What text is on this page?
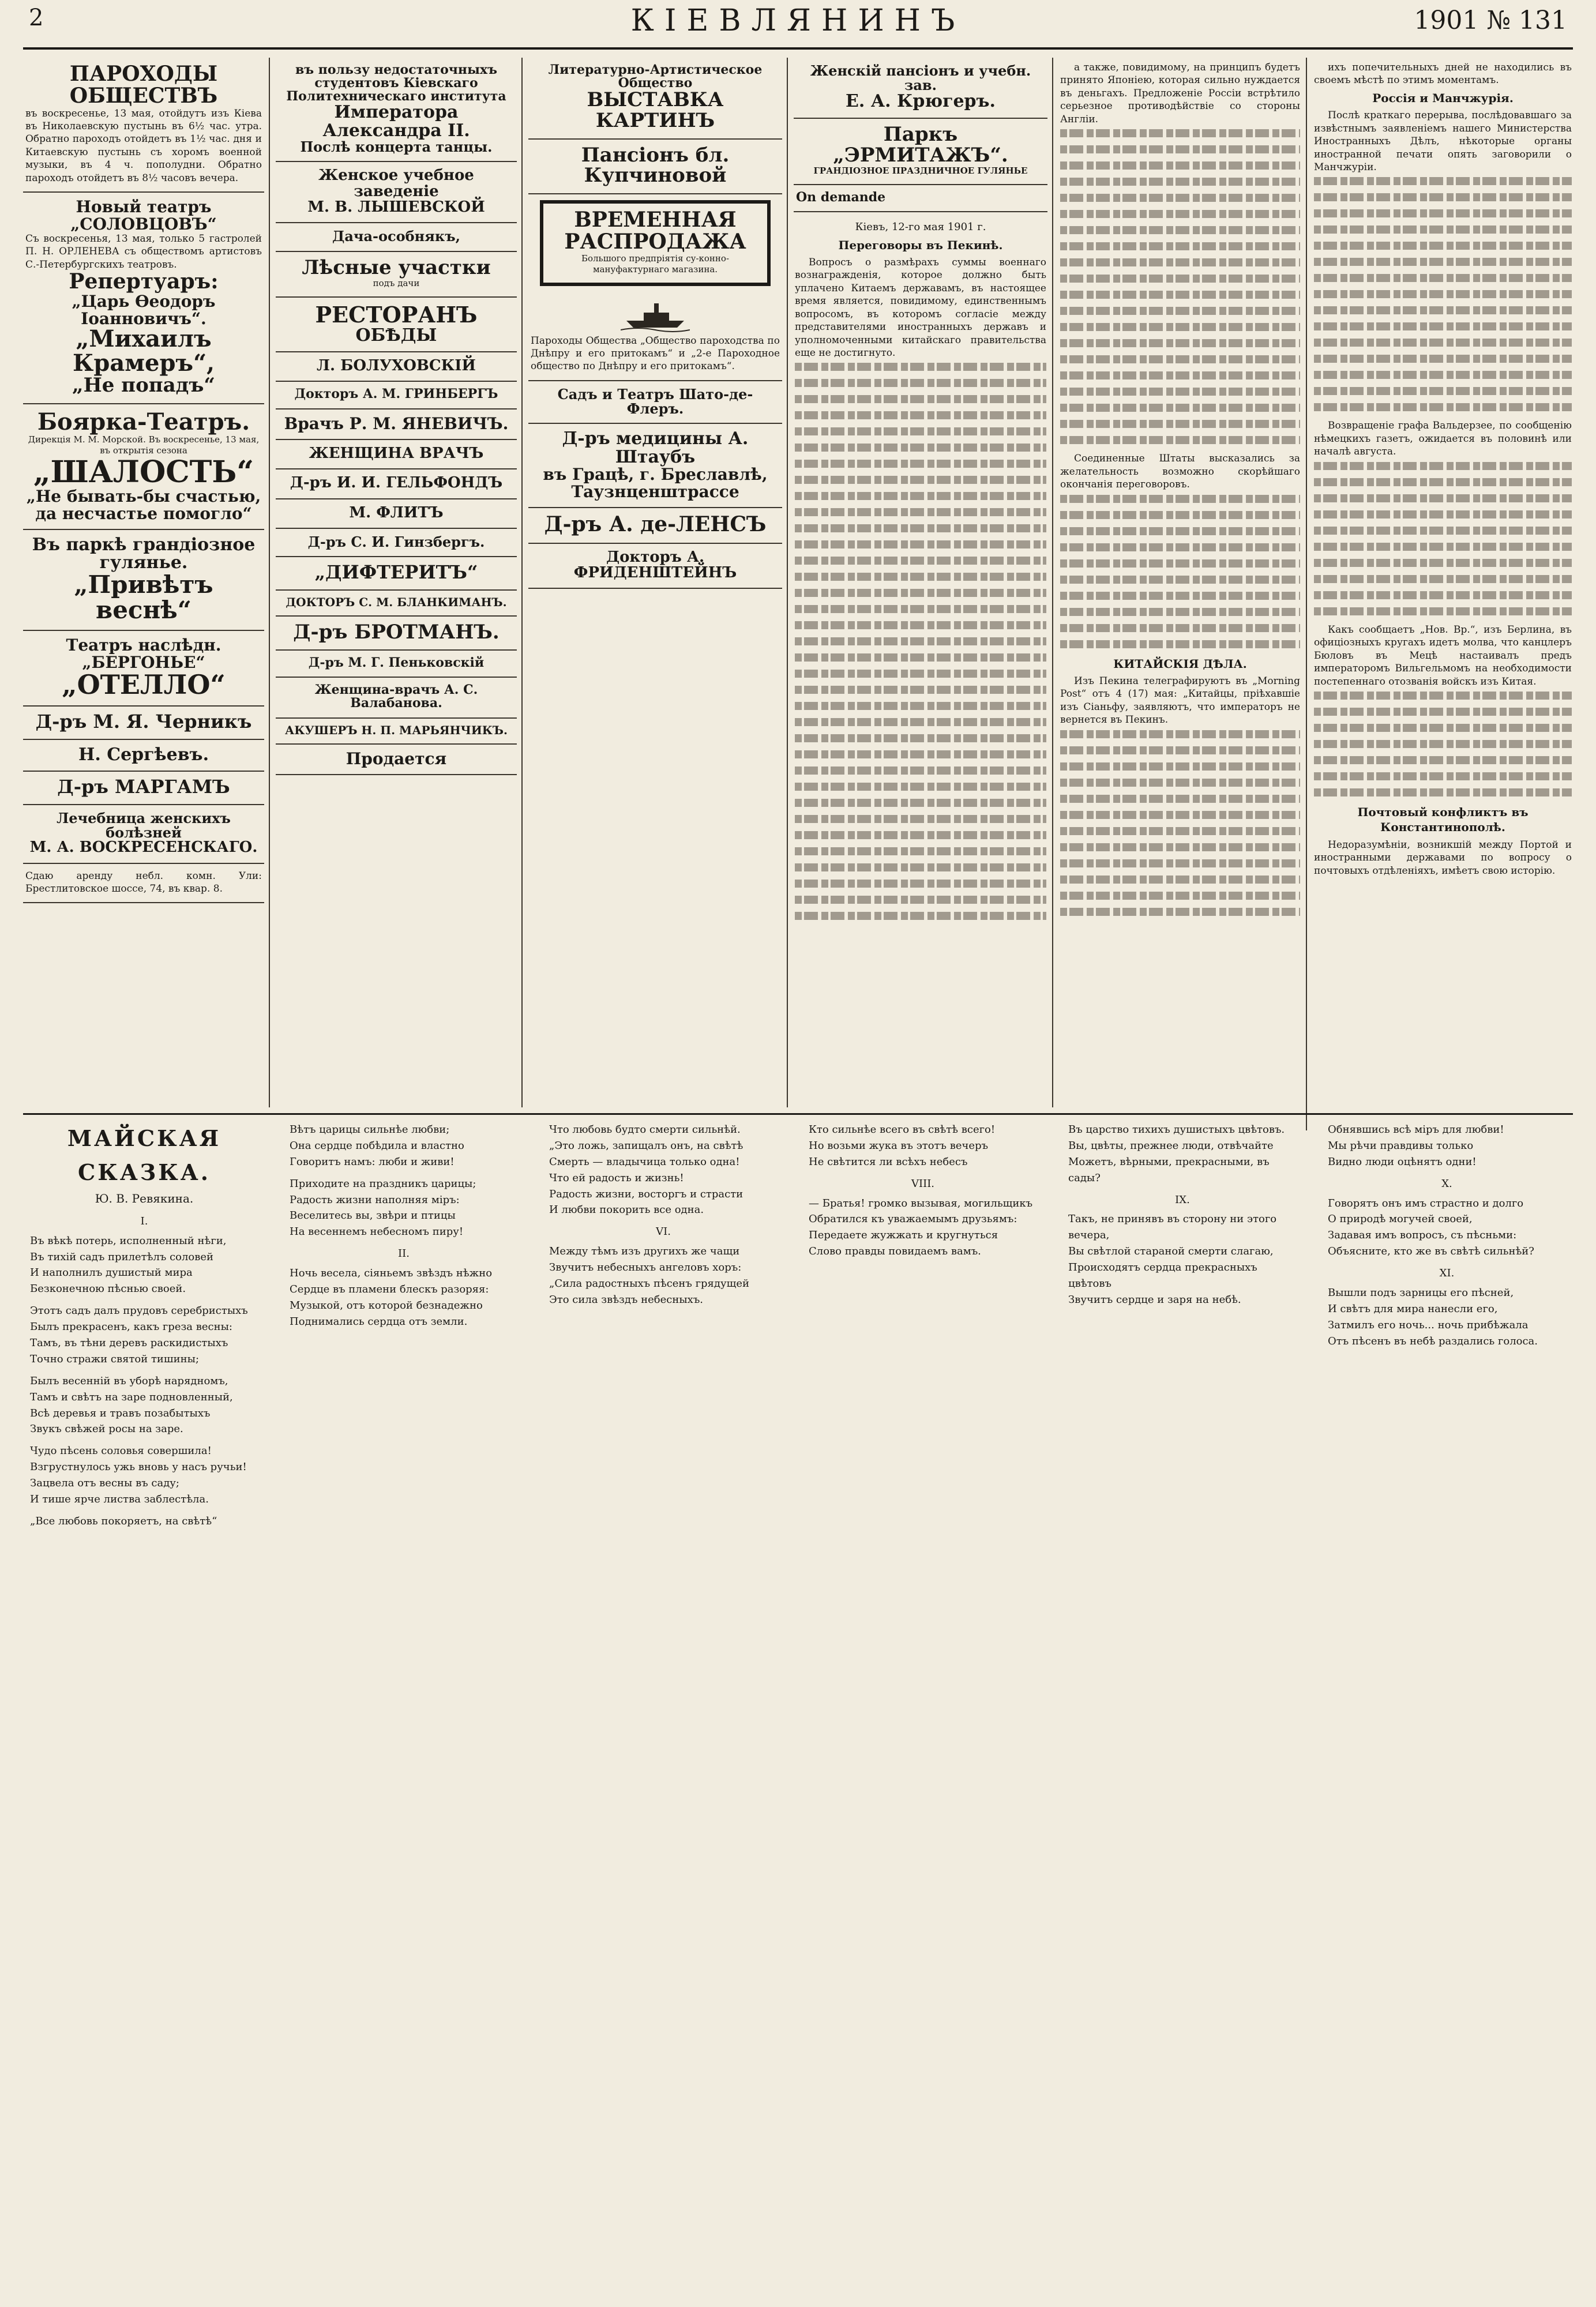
2	КІЕВЛЯНИНЪ	1901 № 131
ПАРОХОДЫ ОБЩЕСТВЪ
въ воскресенье, 13 мая, отойдутъ изъ Кіева въ Николаевскую пустынь въ 6½ час. утра. Обратно пароходъ отойдетъ въ 1½ час. дня и Китаевскую пустынь съ хоромъ военной музыки, въ 4 ч. пополудни. Обратно пароходъ отойдетъ въ 8½ часовъ вечера.
Новый театръ „СОЛОВЦОВЪ“
Съ воскресенья, 13 мая, только 5 гастролей П. Н. ОРЛЕНЕВА съ обществомъ артистовъ С.-Петербургскихъ театровъ.
Репертуаръ:
„Царь Өеодоръ Іоанновичъ“.
„Михаилъ Крамеръ“,
„Не попадъ“
Боярка-Театръ.
Дирекція М. М. Морской. Въ воскресенье, 13 мая, въ открытія сезона
„ШАЛОСТЬ“
„Не бывать-бы счастью, да несчастье помогло“
Въ паркѣ грандіозное гулянье.
„Привѣтъ веснѣ“
Театръ наслѣдн. „БЕРГОНЬЕ“
„ОТЕЛЛО“
Д-ръ М. Я. Черникъ
Н. Сергѣевъ.
Д-ръ МАРГАМЪ
Лечебница женскихъ болѣзней
М. А. ВОСКРЕСЕНСКАГО.
Сдаю аренду небл. комн. Ули: Брестлитовское шоссе, 74, въ квар. 8.
въ пользу недостаточныхъ студентовъ Кіевскаго Политехническаго института
Императора Александра II.
Послѣ концерта танцы.
Женское учебное заведеніе
М. В. ЛЫШЕВСКОЙ
Дача-особнякъ,
Лѣсные участки
подъ дачи
РЕСТОРАНЪ
ОБѢДЫ
Л. БОЛУХОВСКІЙ
Докторъ А. М. ГРИНБЕРГЪ
Врачъ Р. М. ЯНЕВИЧЪ.
ЖЕНЩИНА ВРАЧЪ
Д-ръ И. И. ГЕЛЬФОНДЪ
М. ФЛИТЪ
Д-ръ С. И. Гинзбергъ.
„ДИФТЕРИТЪ“
ДОКТОРЪ С. М. БЛАНКИМАНЪ.
Д-ръ БРОТМАНЪ.
Д-ръ М. Г. Пеньковскій
Женщина-врачъ А. С. Валабанова.
АКУШЕРЪ Н. П. МАРЬЯНЧИКЪ.
Продается
Литературно-Артистическое Общество
ВЫСТАВКА КАРТИНЪ
Пансіонъ бл. Купчиновой
ВРЕМЕННАЯ РАСПРОДАЖА
Большого предпріятія су-конно-мануфактурнаго магазина.
Пароходы Общества „Общество пароходства по Днѣпру и его притокамъ“ и „2-е Пароходное общество по Днѣпру и его притокамъ“.
Садъ и Театръ Шато-де-Флеръ.
Д-ръ медицины А. Штаубъ
въ Грацѣ, г. Бреславлѣ, Таузнценштрассе
Д-ръ А. де-ЛЕНСЪ
Докторъ А. ФРИДЕНШТЕЙНЪ
Женскій пансіонъ и учебн. зав.
Е. А. Крюгеръ.
Паркъ „ЭРМИТАЖЪ“.
ГРАНДІОЗНОЕ ПРАЗДНИЧНОЕ ГУЛЯНЬЕ
On demande
Кіевъ, 12-го мая 1901 г.
Переговоры въ Пекинѣ.

Вопросъ о размѣрахъ суммы военнаго вознагражденія, которое должно быть уплачено Китаемъ державамъ, въ настоящее время является, повидимому, единственнымъ вопросомъ, въ которомъ согласіе между представителями иностранныхъ державъ и уполномоченными китайскаго правительства еще не достигнуто.

а также, повидимому, на принципъ будетъ принято Японіею, которая сильно нуждается въ деньгахъ. Предложеніе Россіи встрѣтило серьезное противодѣйствіе со стороны Англіи.

Соединенные Штаты высказались за желательность возможно скорѣйшаго окончанія переговоровъ.

КИТАЙСКІЯ ДѢЛА.

Изъ Пекина телеграфируютъ въ „Morning Post“ отъ 4 (17) мая: „Китайцы, пріѣхавшіе изъ Сіаньфу, заявляютъ, что императоръ не вернется въ Пекинъ.

ихъ попечительныхъ дней не находились въ своемъ мѣстѣ по этимъ моментамъ.

Россія и Манчжурія.

Послѣ краткаго перерыва, послѣдовавшаго за извѣстнымъ заявленіемъ нашего Министерства Иностранныхъ Дѣлъ, нѣкоторые органы иностранной печати опять заговорили о Манчжуріи.

Возвращеніе графа Вальдерзее, по сообщенію нѣмецкихъ газетъ, ожидается въ половинѣ или началѣ августа.

Какъ сообщаетъ „Нов. Вр.“, изъ Берлина, въ офиціозныхъ кругахъ идетъ молва, что канцлеръ Бюловъ въ Мецѣ настаивалъ предъ императоромъ Вильгельмомъ на необходимости постепеннаго отозванія войскъ изъ Китая.

Почтовый конфликтъ въ Константинополѣ.

Недоразумѣніи, возникшій между Портой и иностранными державами по вопросу о почтовыхъ отдѣленіяхъ, имѣетъ свою исторію.

МАЙСКАЯ СКАЗКА.
Ю. В. Ревякина.
I.
Въ вѣкѣ потерь, исполненный нѣги,
Въ тихій садъ прилетѣлъ соловей
И наполнилъ душистый мира
Безконечною пѣснью своей.
Этотъ садъ далъ прудовъ серебристыхъ
Былъ прекрасенъ, какъ греза весны:
Тамъ, въ тѣни деревъ раскидистыхъ
Точно стражи святой тишины;
Былъ весенній въ уборѣ нарядномъ,
Тамъ и свѣтъ на заре подновленный,
Всѣ деревья и травъ позабытыхъ
Звукъ свѣжей росы на заре.
Чудо пѣсень соловья совершила!
Взгрустнулось ужь вновь у насъ ручьи!
Зацвела отъ весны въ саду;
И тише ярче листва заблестѣла.
„Все любовь покоряетъ, на свѣтѣ“
Вѣтъ царицы сильнѣе любви;
Она сердце побѣдила и властно
Говоритъ намъ: люби и живи!
Приходите на праздникъ царицы;
Радость жизни наполняя міръ:
Веселитесь вы, звѣри и птицы
На весеннемъ небесномъ пиру!
II.
Ночь весела, сіяньемъ звѣздъ нѣжно
Сердце въ пламени блескъ разоряя:
Музыкой, отъ которой безнадежно
Поднимались сердца отъ земли.
Что любовь будто смерти сильнѣй.
„Это ложь, запищалъ онъ, на свѣтѣ
Смерть — владычица только одна!
Что ей радость и жизнь!
Радость жизни, восторгъ и страсти
И любви покорить все одна.
VI.
Между тѣмъ изъ другихъ же чащи
Звучитъ небесныхъ ангеловъ хоръ:
„Сила радостныхъ пѣсенъ грядущей
Это сила звѣздъ небесныхъ.
Кто сильнѣе всего въ свѣтѣ всего!
Но возьми жука въ этотъ вечеръ
Не свѣтится ли всѣхъ небесъ
VIII.
— Братья! громко вызывая, могильщикъ
Обратился къ уважаемымъ друзьямъ:
Передаете жужжать и кругнуться
Слово правды повидаемъ вамъ.
Въ царство тихихъ душистыхъ цвѣтовъ.
Вы, цвѣты, прежнее люди, отвѣчайте
Можетъ, вѣрными, прекрасными, въ сады?
IX.
Такъ, не принявъ въ сторону ни этого вечера,
Вы свѣтлой стараной смерти слагаю,
Происходятъ сердца прекрасныхъ цвѣтовъ
Звучитъ сердце и заря на небѣ.
Обнявшись всѣ міръ для любви!
Мы рѣчи правдивы только
Видно люди оцѣнятъ одни!
X.
Говорятъ онъ имъ страстно и долго
О природѣ могучей своей,
Задавая имъ вопросъ, съ пѣсньми:
Объясните, кто же въ свѣтѣ сильнѣй?
XI.
Вышли подъ зарницы его пѣсней,
И свѣтъ для мира нанесли его,
Затмилъ его ночь... ночь прибѣжала
Отъ пѣсенъ въ небѣ раздались голоса.
